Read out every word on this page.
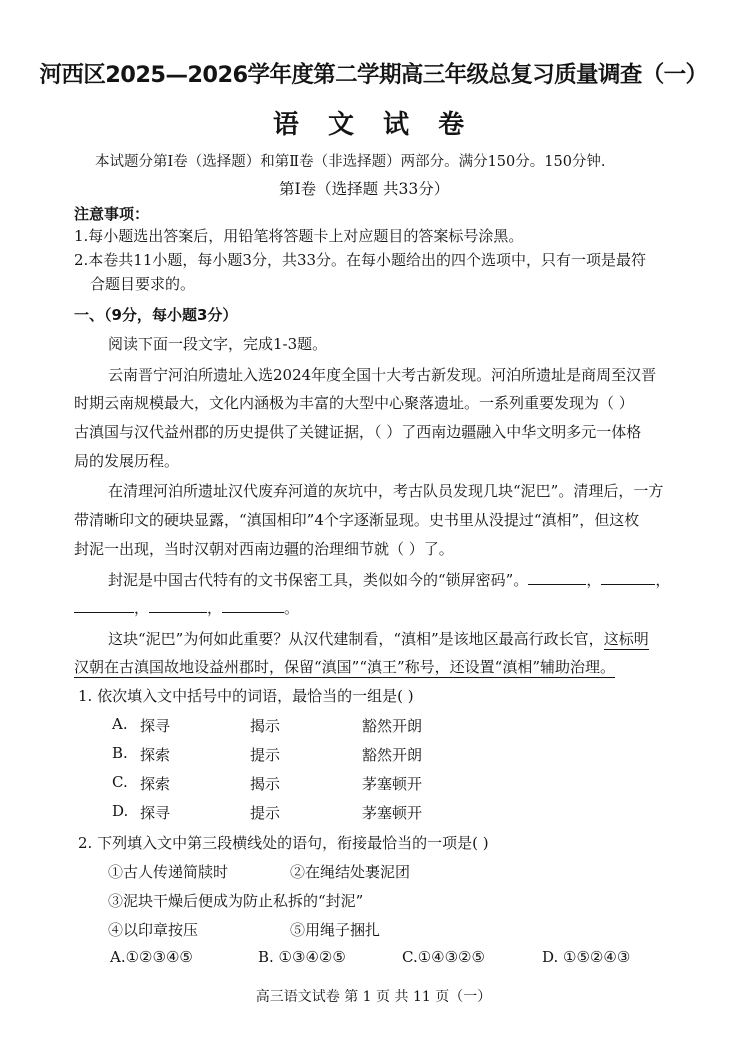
河西区2025—2026学年度第二学期高三年级总复习质量调查（一）
语 文 试 卷
本试题分第Ⅰ卷（选择题）和第Ⅱ卷（非选择题）两部分。满分150分。150分钟.
第Ⅰ卷（选择题 共33分）
注意事项：
1.每小题选出答案后，用铅笔将答题卡上对应题目的答案标号涂黑。
2.本卷共11小题，每小题3分，共33分。在每小题给出的四个选项中，只有一项是最符
合题目要求的。
一、（9分，每小题3分）
阅读下面一段文字，完成1-3题。
云南晋宁河泊所遗址入选2024年度全国十大考古新发现。河泊所遗址是商周至汉晋
时期云南规模最大，文化内涵极为丰富的大型中心聚落遗址。一系列重要发现为（ ）
古滇国与汉代益州郡的历史提供了关键证据，（ ）了西南边疆融入中华文明多元一体格
局的发展历程。
在清理河泊所遗址汉代废弃河道的灰坑中，考古队员发现几块“泥巴”。清理后，一方
带清晰印文的硬块显露，“滇国相印”4个字逐渐显现。史书里从没提过“滇相”，但这枚
封泥一出现，当时汉朝对西南边疆的治理细节就（ ）了。
封泥是中国古代特有的文书保密工具，类似如今的“锁屏密码”。	，	，
，	，	。
这块“泥巴”为何如此重要？从汉代建制看，“滇相”是该地区最高行政长官，这标明
汉朝在古滇国故地设益州郡时，保留“滇国”“滇王”称号，还设置“滇相”辅助治理。
1. 依次填入文中括号中的词语，最恰当的一组是( )
A. 探寻	揭示	豁然开朗
B. 探索	提示	豁然开朗
C. 探索	揭示	茅塞顿开
D. 探寻	提示	茅塞顿开
2. 下列填入文中第三段横线处的语句，衔接最恰当的一项是( )
①古人传递简牍时	②在绳结处裹泥团
③泥块干燥后便成为防止私拆的“封泥”
④以印章按压	⑤用绳子捆扎
A.①②③④⑤	B. ①③④②⑤	C.①④③②⑤	D. ①⑤②④③
高三语文试卷 第 1 页 共 11 页（一）
